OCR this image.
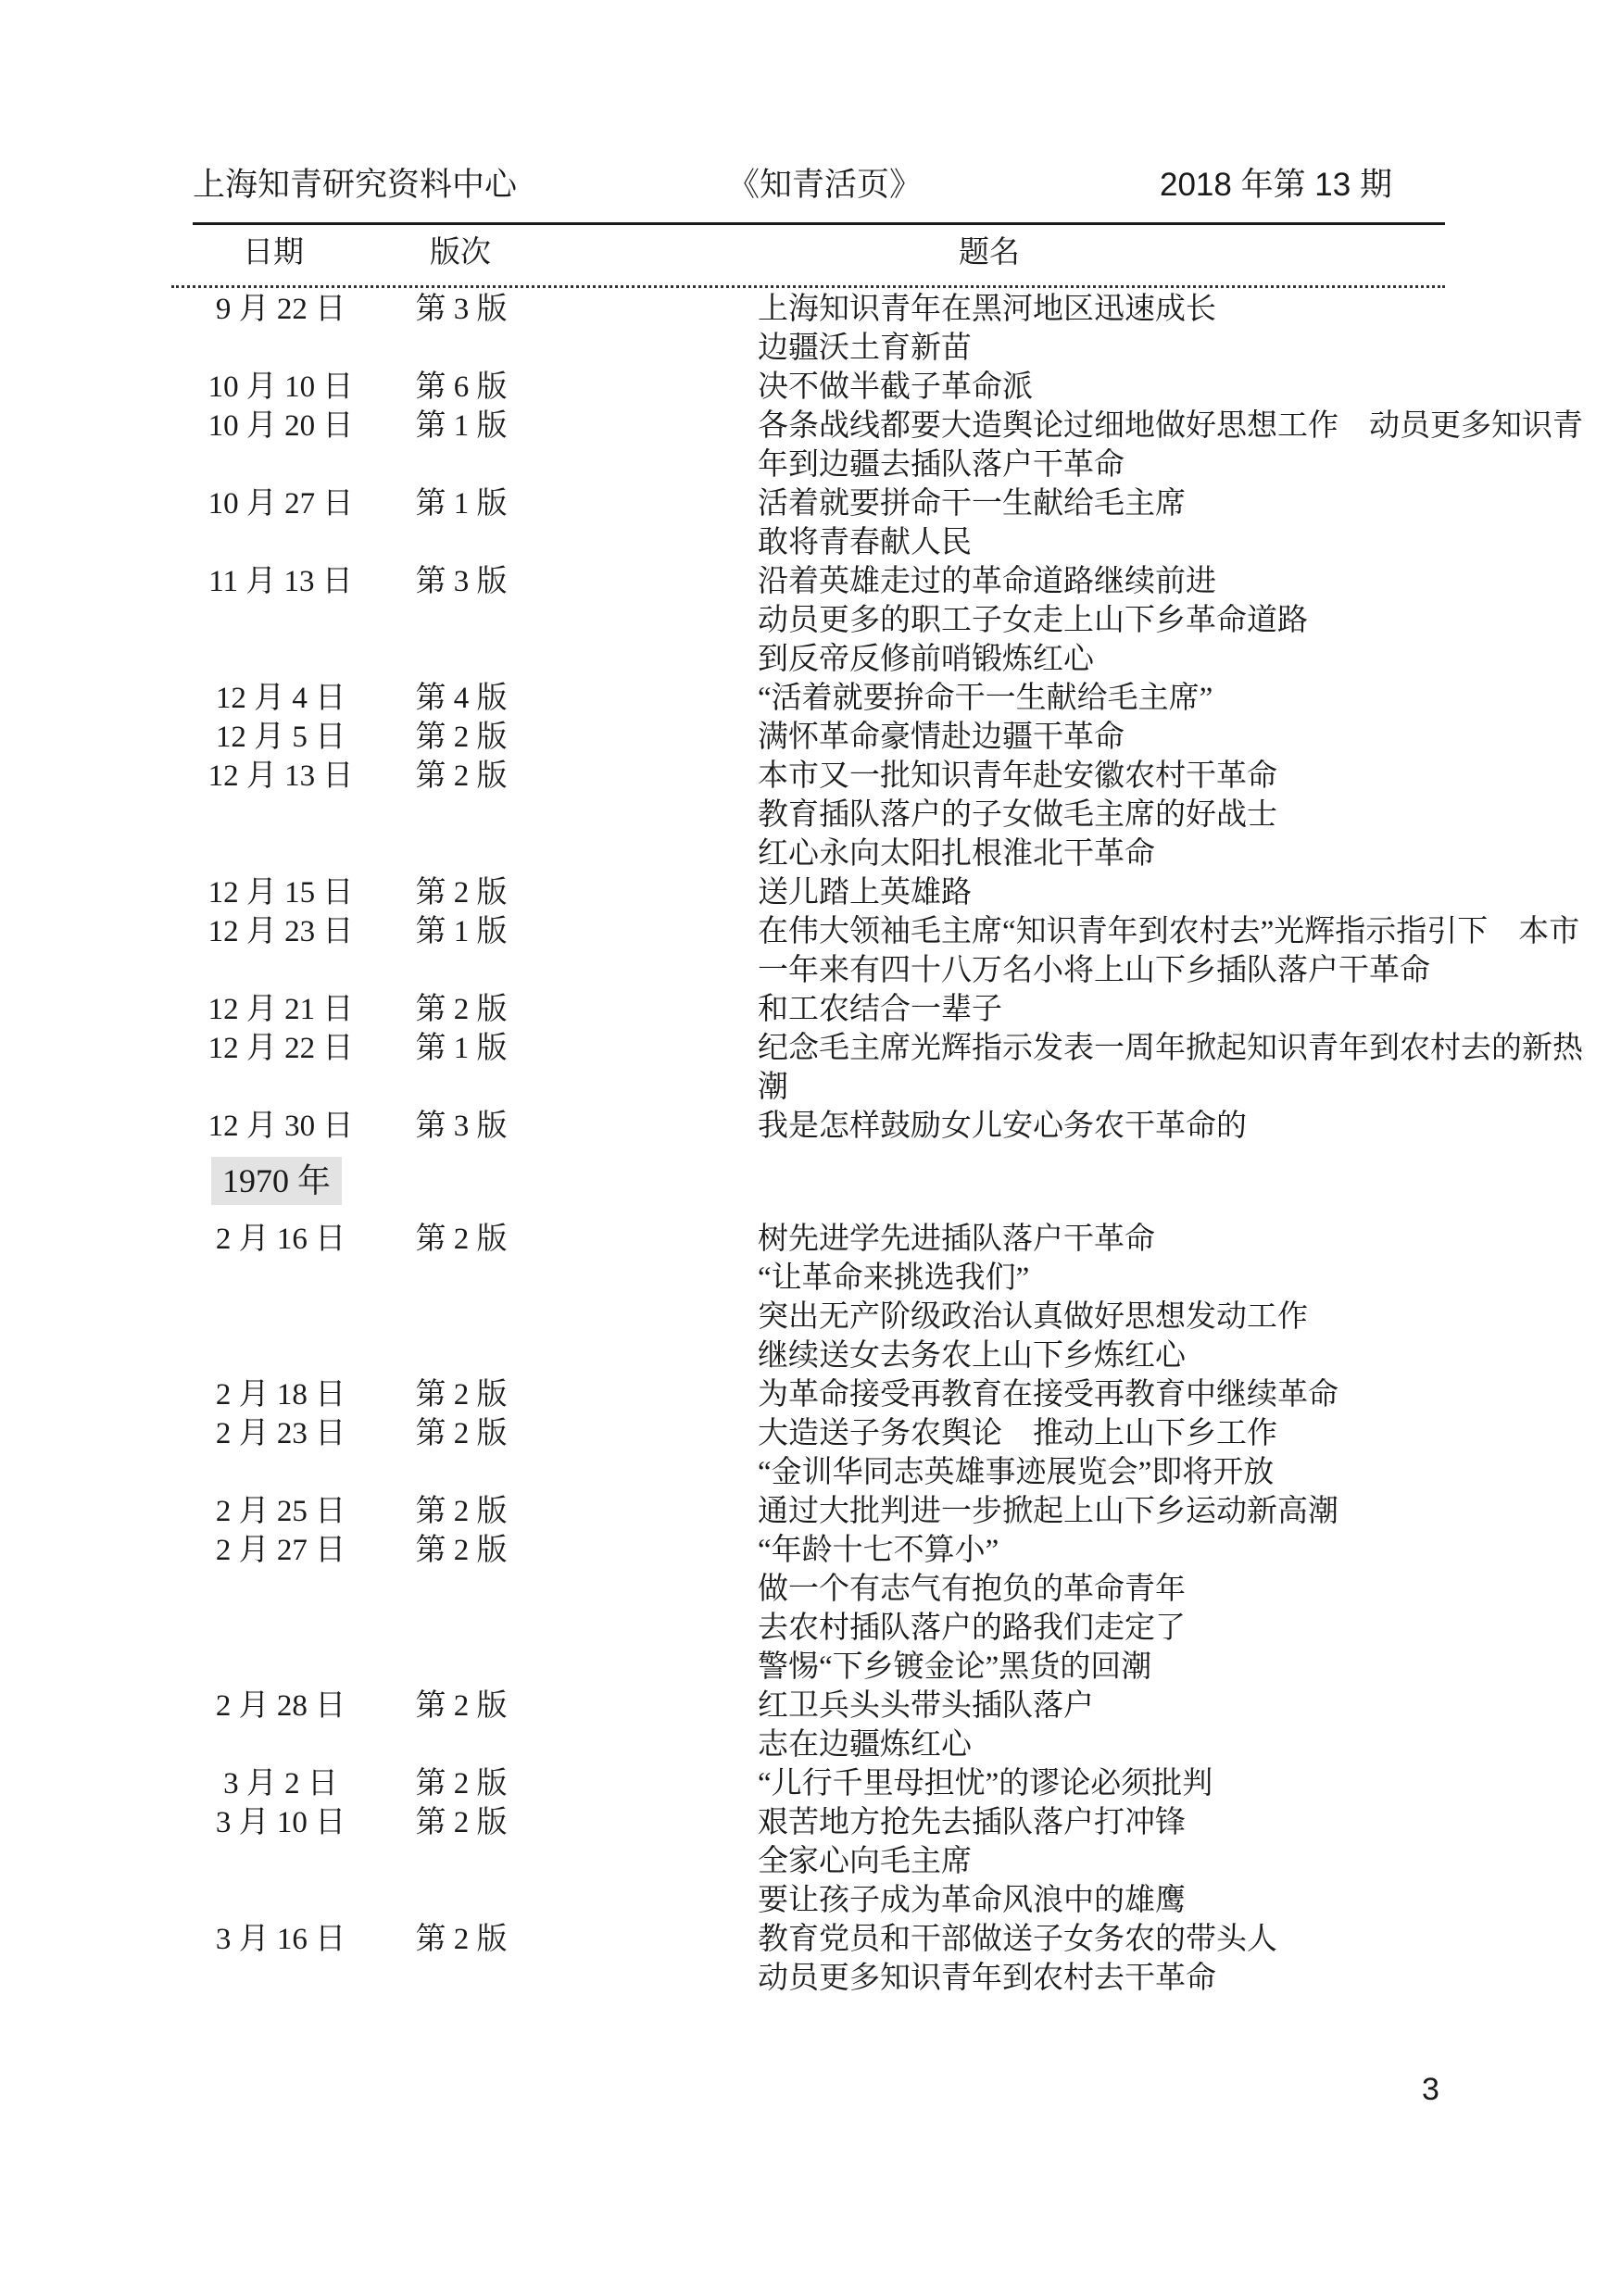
上海知青研究资料中心	《知青活页》	2018 年第 13 期
日期	版次	题名
9 月 22 日	第 3 版	上海知识青年在黑河地区迅速成长
边疆沃土育新苗
10 月 10 日	第 6 版	决不做半截子革命派
10 月 20 日	第 1 版	各条战线都要大造舆论过细地做好思想工作　动员更多知识青年到边疆去插队落户干革命
10 月 27 日	第 1 版	活着就要拼命干一生献给毛主席
敢将青春献人民
11 月 13 日	第 3 版	沿着英雄走过的革命道路继续前进
动员更多的职工子女走上山下乡革命道路
到反帝反修前哨锻炼红心
12 月 4 日	第 4 版	“活着就要拚命干一生献给毛主席”
12 月 5 日	第 2 版	满怀革命豪情赴边疆干革命
12 月 13 日	第 2 版	本市又一批知识青年赴安徽农村干革命
教育插队落户的子女做毛主席的好战士
红心永向太阳扎根淮北干革命
12 月 15 日	第 2 版	送儿踏上英雄路
12 月 23 日	第 1 版	在伟大领袖毛主席“知识青年到农村去”光辉指示指引下　本市一年来有四十八万名小将上山下乡插队落户干革命
12 月 21 日	第 2 版	和工农结合一辈子
12 月 22 日	第 1 版	纪念毛主席光辉指示发表一周年掀起知识青年到农村去的新热潮
12 月 30 日	第 3 版	我是怎样鼓励女儿安心务农干革命的
1970 年
2 月 16 日	第 2 版	树先进学先进插队落户干革命
“让革命来挑选我们”
突出无产阶级政治认真做好思想发动工作
继续送女去务农上山下乡炼红心
2 月 18 日	第 2 版	为革命接受再教育在接受再教育中继续革命
2 月 23 日	第 2 版	大造送子务农舆论　推动上山下乡工作
“金训华同志英雄事迹展览会”即将开放
2 月 25 日	第 2 版	通过大批判进一步掀起上山下乡运动新高潮
2 月 27 日	第 2 版	“年龄十七不算小”
做一个有志气有抱负的革命青年
去农村插队落户的路我们走定了
警惕“下乡镀金论”黑货的回潮
2 月 28 日	第 2 版	红卫兵头头带头插队落户
志在边疆炼红心
3 月 2 日	第 2 版	“儿行千里母担忧”的谬论必须批判
3 月 10 日	第 2 版	艰苦地方抢先去插队落户打冲锋
全家心向毛主席
要让孩子成为革命风浪中的雄鹰
3 月 16 日	第 2 版	教育党员和干部做送子女务农的带头人
动员更多知识青年到农村去干革命
3
